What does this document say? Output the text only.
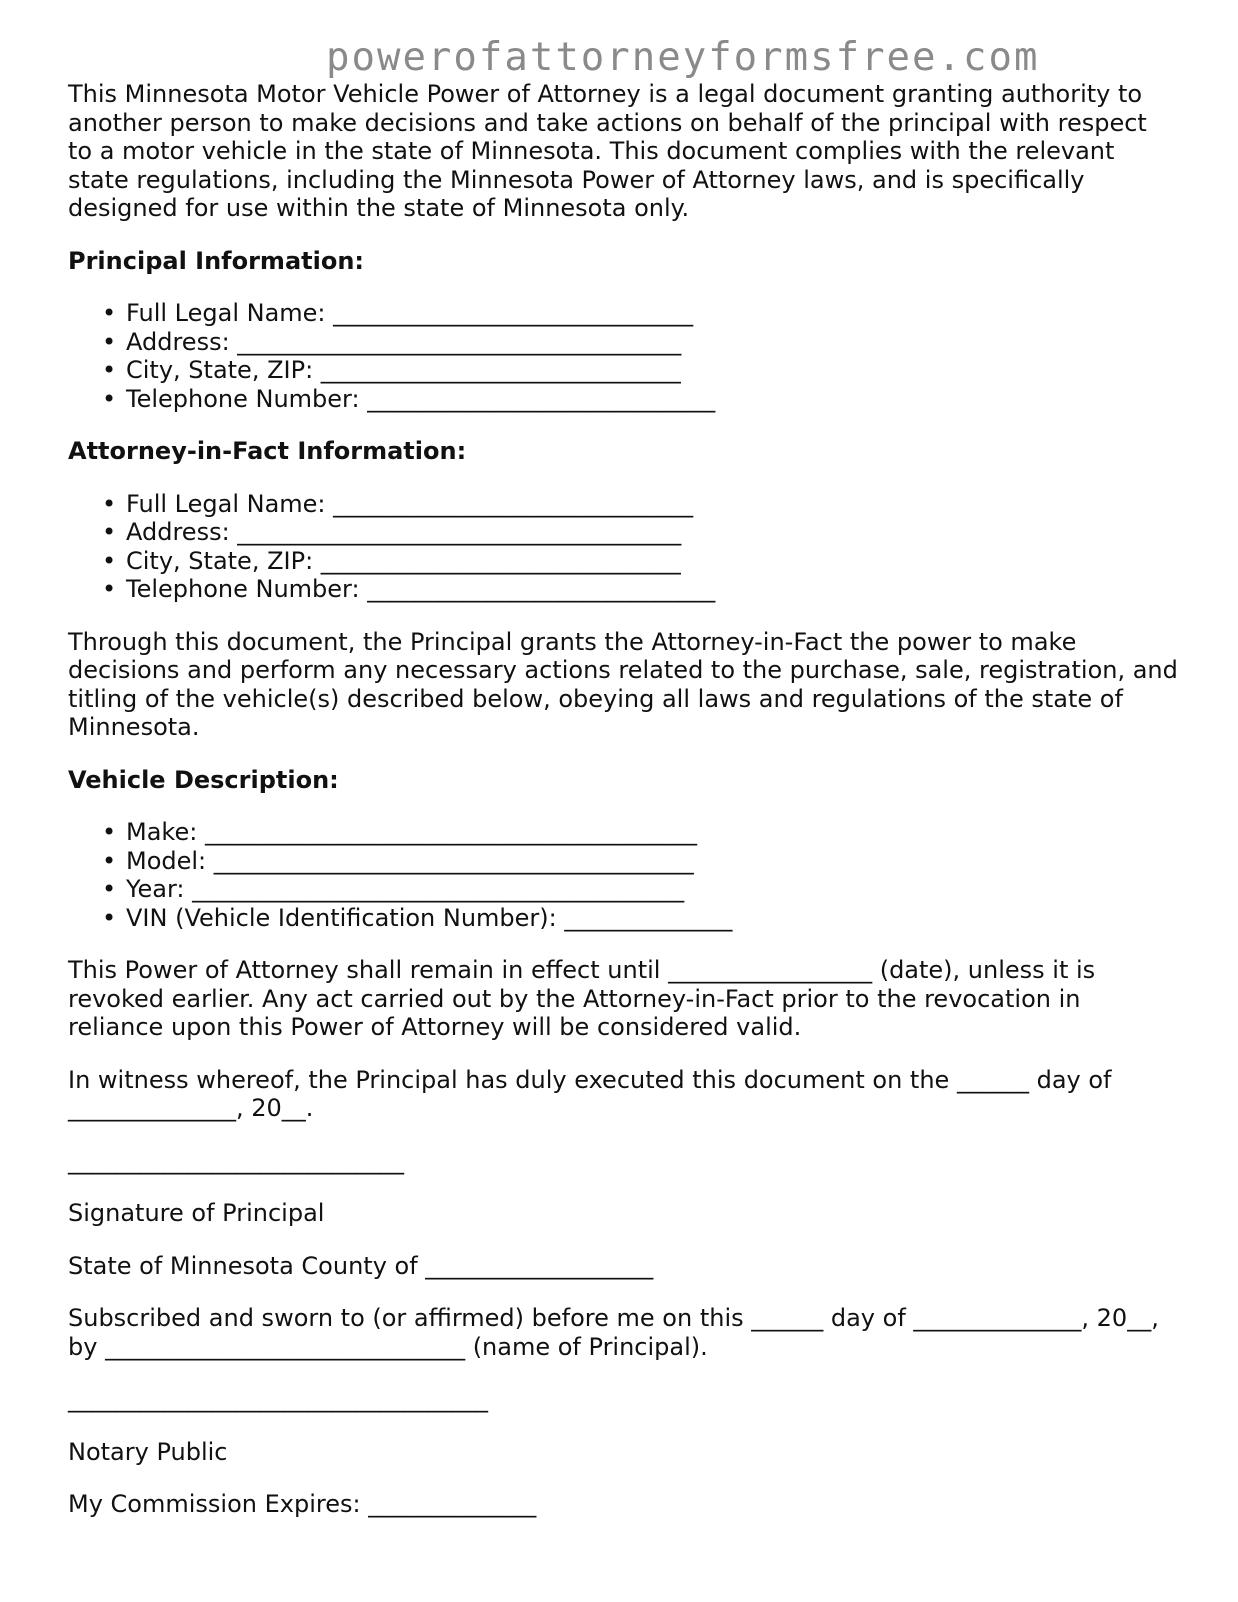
powerofattorneyformsfree.com

This Minnesota Motor Vehicle Power of Attorney is a legal document granting authority to another person to make decisions and take actions on behalf of the principal with respect to a motor vehicle in the state of Minnesota. This document complies with the relevant state regulations, including the Minnesota Power of Attorney laws, and is specifically designed for use within the state of Minnesota only.

Principal Information:
• Full Legal Name: ______________________________
• Address: _____________________________________
• City, State, ZIP: ______________________________
• Telephone Number: _____________________________
Attorney-in-Fact Information:
• Full Legal Name: ______________________________
• Address: _____________________________________
• City, State, ZIP: ______________________________
• Telephone Number: _____________________________

Through this document, the Principal grants the Attorney-in-Fact the power to make decisions and perform any necessary actions related to the purchase, sale, registration, and titling of the vehicle(s) described below, obeying all laws and regulations of the state of Minnesota.

Vehicle Description:
• Make: _________________________________________
• Model: ________________________________________
• Year: _________________________________________
• VIN (Vehicle Identification Number): ______________

This Power of Attorney shall remain in effect until _________________ (date), unless it is revoked earlier. Any act carried out by the Attorney-in-Fact prior to the revocation in reliance upon this Power of Attorney will be considered valid.

In witness whereof, the Principal has duly executed this document on the ______ day of ______________, 20__.

____________________________

Signature of Principal

State of Minnesota County of ___________________

Subscribed and sworn to (or affirmed) before me on this ______ day of ______________, 20__, by ______________________________ (name of Principal).

___________________________________

Notary Public

My Commission Expires: ______________
